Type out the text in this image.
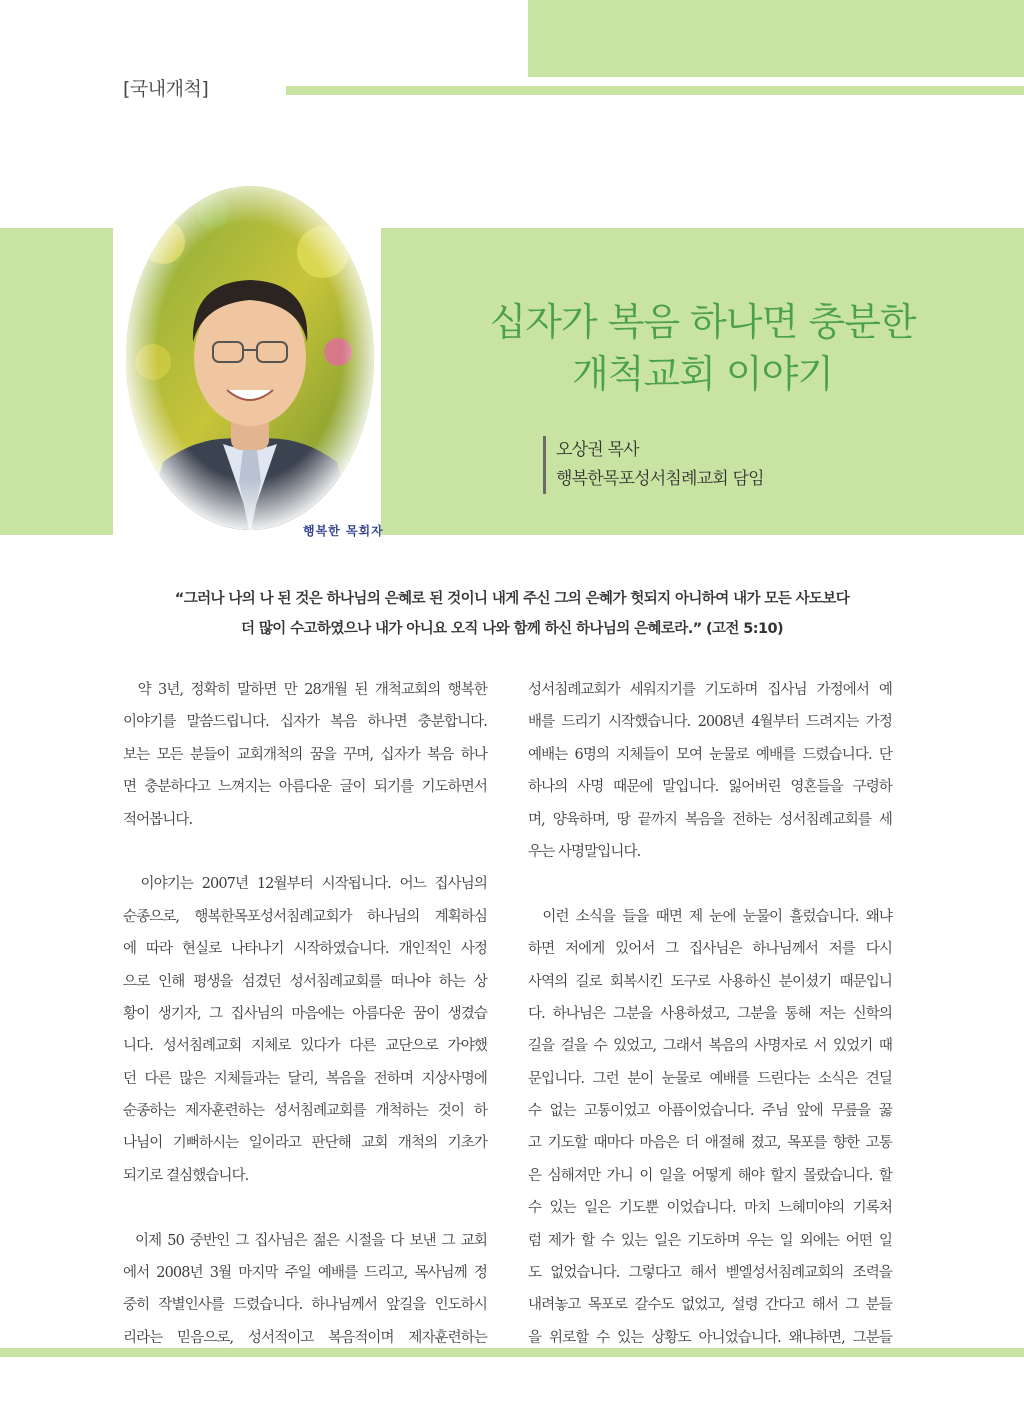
[국내개척]
행복한 목회자
십자가 복음 하나면 충분한
개척교회 이야기
오상권 목사
행복한목포성서침례교회 담임
“그러나 나의 나 된 것은 하나님의 은혜로 된 것이니 내게 주신 그의 은혜가 헛되지 아니하여 내가 모든 사도보다
더 많이 수고하였으나 내가 아니요 오직 나와 함께 하신 하나님의 은혜로라.” (고전 5:10)
약 3년, 정확히 말하면 만 28개월 된 개척교회의 행복한
이야기를 말씀드립니다. 십자가 복음 하나면 충분합니다.
보는 모든 분들이 교회개척의 꿈을 꾸며, 십자가 복음 하나
면 충분하다고 느껴지는 아름다운 글이 되기를 기도하면서
적어봅니다.
이야기는 2007년 12월부터 시작됩니다. 어느 집사님의
순종으로, 행복한목포성서침례교회가 하나님의 계획하심
에 따라 현실로 나타나기 시작하였습니다. 개인적인 사정
으로 인해 평생을 섬겼던 성서침례교회를 떠나야 하는 상
황이 생기자, 그 집사님의 마음에는 아름다운 꿈이 생겼습
니다. 성서침례교회 지체로 있다가 다른 교단으로 가야했
던 다른 많은 지체들과는 달리, 복음을 전하며 지상사명에
순종하는 제자훈련하는 성서침례교회를 개척하는 것이 하
나님이 기뻐하시는 일이라고 판단해 교회 개척의 기초가
되기로 결심했습니다.
이제 50 중반인 그 집사님은 젊은 시절을 다 보낸 그 교회
에서 2008년 3월 마지막 주일 예배를 드리고, 목사님께 정
중히 작별인사를 드렸습니다. 하나님께서 앞길을 인도하시
리라는 믿음으로, 성서적이고 복음적이며 제자훈련하는
성서침례교회가 세워지기를 기도하며 집사님 가정에서 예
배를 드리기 시작했습니다. 2008년 4월부터 드려지는 가정
예배는 6명의 지체들이 모여 눈물로 예배를 드렸습니다. 단
하나의 사명 때문에 말입니다. 잃어버린 영혼들을 구령하
며, 양육하며, 땅 끝까지 복음을 전하는 성서침례교회를 세
우는 사명말입니다.
이런 소식을 들을 때면 제 눈에 눈물이 흘렀습니다. 왜냐
하면 저에게 있어서 그 집사님은 하나님께서 저를 다시
사역의 길로 회복시킨 도구로 사용하신 분이셨기 때문입니
다. 하나님은 그분을 사용하셨고, 그분을 통해 저는 신학의
길을 걸을 수 있었고, 그래서 복음의 사명자로 서 있었기 때
문입니다. 그런 분이 눈물로 예배를 드린다는 소식은 견딜
수 없는 고통이었고 아픔이었습니다. 주님 앞에 무릎을 꿇
고 기도할 때마다 마음은 더 애절해 졌고, 목포를 향한 고통
은 심해져만 가니 이 일을 어떻게 해야 할지 몰랐습니다. 할
수 있는 일은 기도뿐 이었습니다. 마치 느헤미야의 기록처
럼 제가 할 수 있는 일은 기도하며 우는 일 외에는 어떤 일
도 없었습니다. 그렇다고 해서 벧엘성서침례교회의 조력을
내려놓고 목포로 갈수도 없었고, 설령 간다고 해서 그 분들
을 위로할 수 있는 상황도 아니었습니다. 왜냐하면, 그분들
